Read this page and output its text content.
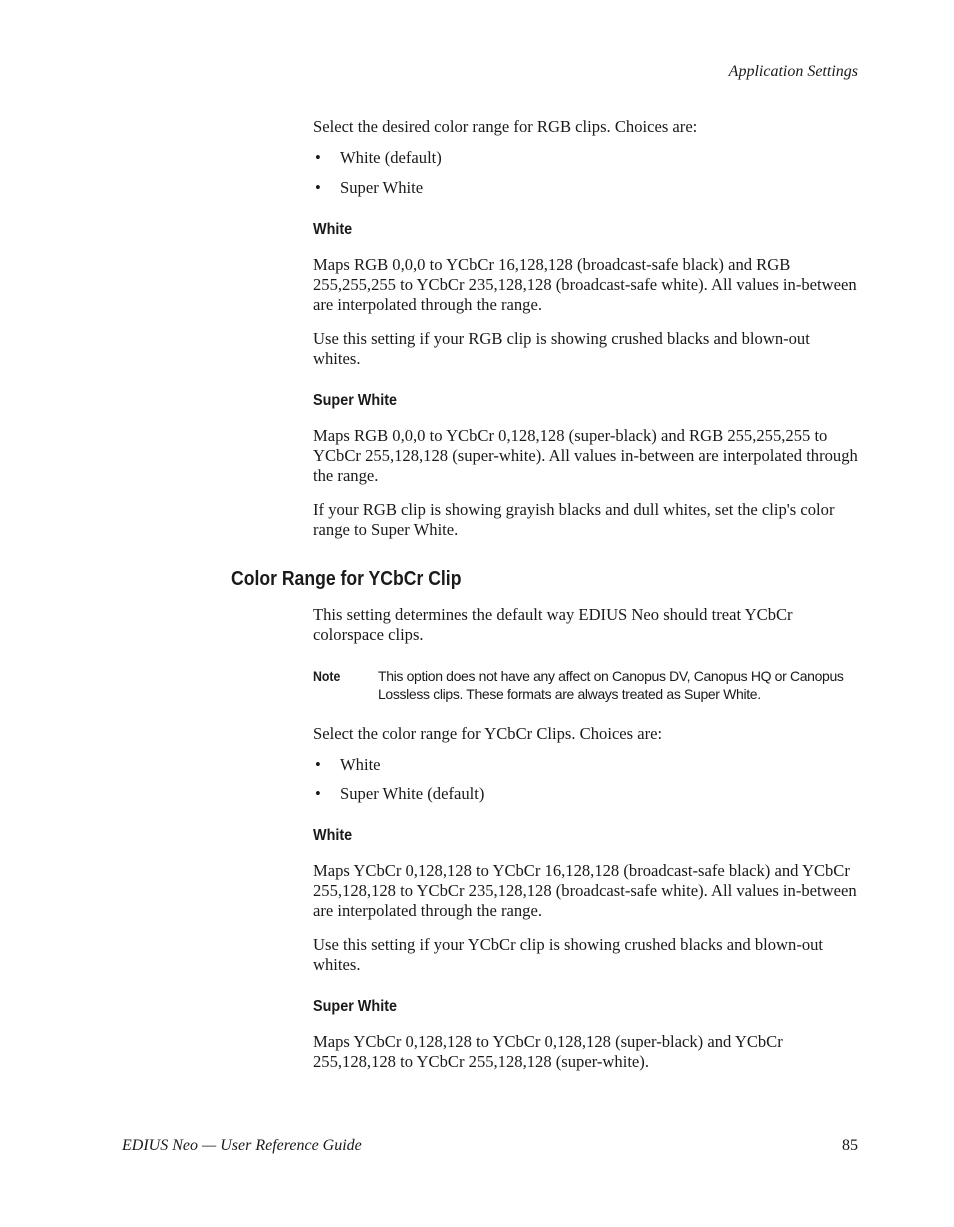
Application Settings

Select the desired color range for RGB clips. Choices are:

• White (default)
• Super White
White

Maps RGB 0,0,0 to YCbCr 16,128,128 (broadcast-safe black) and RGB 255,255,255 to YCbCr 235,128,128 (broadcast-safe white). All values in-between are interpolated through the range.

Use this setting if your RGB clip is showing crushed blacks and blown-out whites.

Super White

Maps RGB 0,0,0 to YCbCr 0,128,128 (super-black) and RGB 255,255,255 to YCbCr 255,128,128 (super-white). All values in-between are interpolated through the range.

If your RGB clip is showing grayish blacks and dull whites, set the clip's color range to Super White.

Color Range for YCbCr Clip

This setting determines the default way EDIUS Neo should treat YCbCr colorspace clips.

Note	This option does not have any affect on Canopus DV, Canopus HQ or Canopus Lossless clips. These formats are always treated as Super White.

Select the color range for YCbCr Clips. Choices are:

• White
• Super White (default)
White

Maps YCbCr 0,128,128 to YCbCr 16,128,128 (broadcast-safe black) and YCbCr 255,128,128 to YCbCr 235,128,128 (broadcast-safe white). All values in-between are interpolated through the range.

Use this setting if your YCbCr clip is showing crushed blacks and blown-out whites.

Super White

Maps YCbCr 0,128,128 to YCbCr 0,128,128 (super-black) and YCbCr 255,128,128 to YCbCr 255,128,128 (super-white).

EDIUS Neo — User Reference Guide	85
